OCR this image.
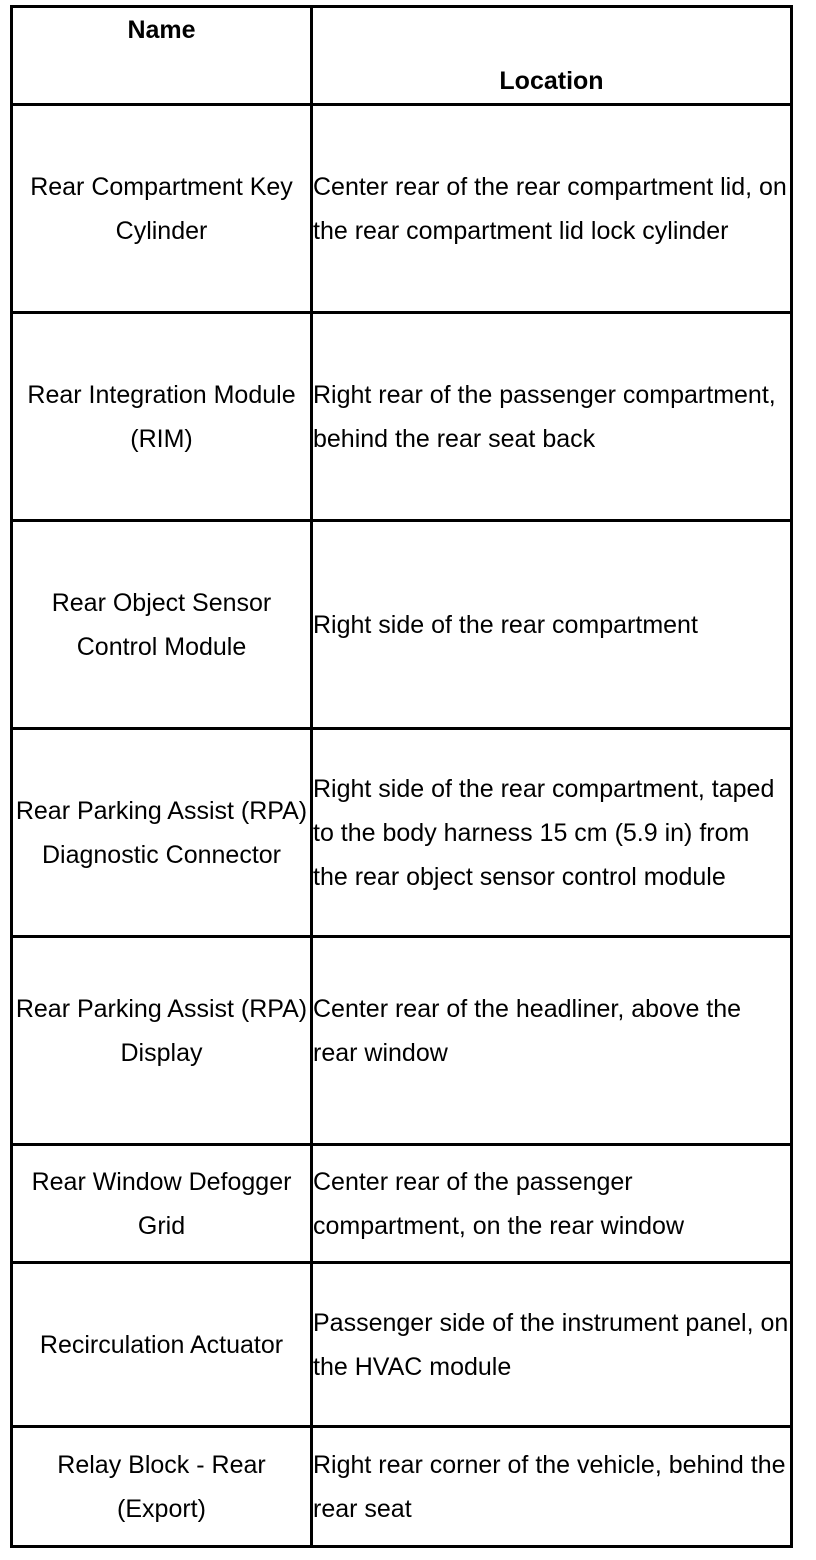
Name	Location
Rear Compartment Key Cylinder	Center rear of the rear compartment lid, on the rear compartment lid lock cylinder
Rear Integration Module (RIM)	Right rear of the passenger compartment, behind the rear seat back
Rear Object Sensor Control Module	Right side of the rear compartment
Rear Parking Assist (RPA) Diagnostic Connector	Right side of the rear compartment, taped to the body harness 15 cm (5.9 in) from the rear object sensor control module
Rear Parking Assist (RPA) Display	Center rear of the headliner, above the rear window
Rear Window Defogger Grid	Center rear of the passenger compartment, on the rear window
Recirculation Actuator	Passenger side of the instrument panel, on the HVAC module
Relay Block - Rear (Export)	Right rear corner of the vehicle, behind the rear seat
